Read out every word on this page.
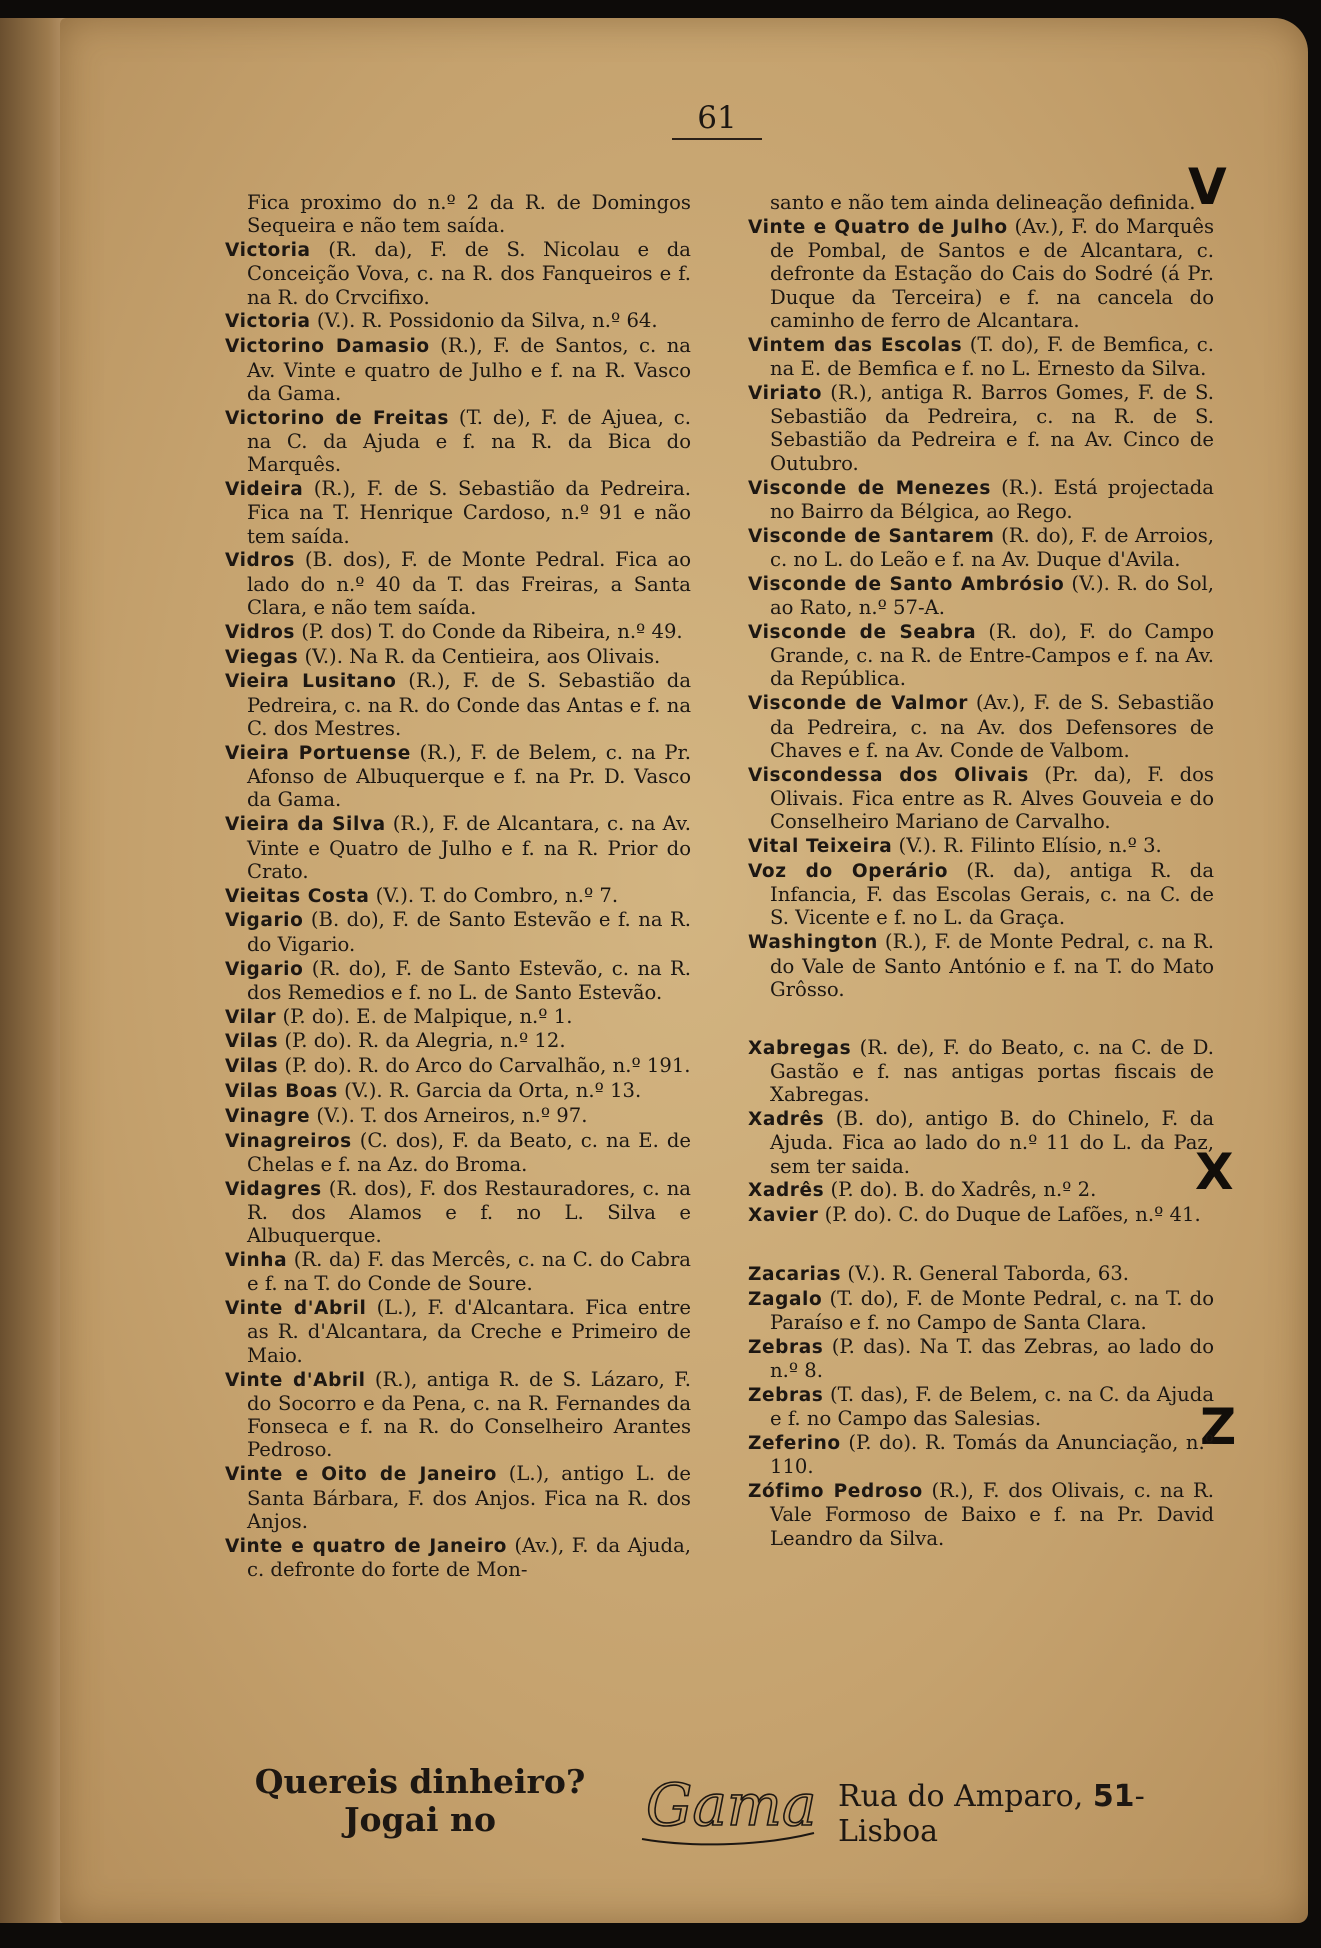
61
V
X
Z
Fica proximo do n.º 2 da R. de Domingos Sequeira e não tem saída.
Victoria (R. da), F. de S. Nicolau e da Conceição Vova, c. na R. dos Fanqueiros e f. na R. do Crvcifixo.
Victoria (V.). R. Possidonio da Silva, n.º 64.
Victorino Damasio (R.), F. de Santos, c. na Av. Vinte e quatro de Julho e f. na R. Vasco da Gama.
Victorino de Freitas (T. de), F. de Ajuea, c. na C. da Ajuda e f. na R. da Bica do Marquês.
Videira (R.), F. de S. Sebastião da Pedreira. Fica na T. Henrique Cardoso, n.º 91 e não tem saída.
Vidros (B. dos), F. de Monte Pedral. Fica ao lado do n.º 40 da T. das Freiras, a Santa Clara, e não tem saída.
Vidros (P. dos) T. do Conde da Ribeira, n.º 49.
Viegas (V.). Na R. da Centieira, aos Olivais.
Vieira Lusitano (R.), F. de S. Sebastião da Pedreira, c. na R. do Conde das Antas e f. na C. dos Mestres.
Vieira Portuense (R.), F. de Belem, c. na Pr. Afonso de Albuquerque e f. na Pr. D. Vasco da Gama.
Vieira da Silva (R.), F. de Alcantara, c. na Av. Vinte e Quatro de Julho e f. na R. Prior do Crato.
Vieitas Costa (V.). T. do Combro, n.º 7.
Vigario (B. do), F. de Santo Estevão e f. na R. do Vigario.
Vigario (R. do), F. de Santo Estevão, c. na R. dos Remedios e f. no L. de Santo Estevão.
Vilar (P. do). E. de Malpique, n.º 1.
Vilas (P. do). R. da Alegria, n.º 12.
Vilas (P. do). R. do Arco do Carvalhão, n.º 191.
Vilas Boas (V.). R. Garcia da Orta, n.º 13.
Vinagre (V.). T. dos Arneiros, n.º 97.
Vinagreiros (C. dos), F. da Beato, c. na E. de Chelas e f. na Az. do Broma.
Vidagres (R. dos), F. dos Restauradores, c. na R. dos Alamos e f. no L. Silva e Albuquerque.
Vinha (R. da) F. das Mercês, c. na C. do Cabra e f. na T. do Conde de Soure.
Vinte d'Abril (L.), F. d'Alcantara. Fica entre as R. d'Alcantara, da Creche e Primeiro de Maio.
Vinte d'Abril (R.), antiga R. de S. Lázaro, F. do Socorro e da Pena, c. na R. Fernandes da Fonseca e f. na R. do Conselheiro Arantes Pedroso.
Vinte e Oito de Janeiro (L.), antigo L. de Santa Bárbara, F. dos Anjos. Fica na R. dos Anjos.
Vinte e quatro de Janeiro (Av.), F. da Ajuda, c. defronte do forte de Mon-
santo e não tem ainda delineação definida.
Vinte e Quatro de Julho (Av.), F. do Marquês de Pombal, de Santos e de Alcantara, c. defronte da Estação do Cais do Sodré (á Pr. Duque da Terceira) e f. na cancela do caminho de ferro de Alcantara.
Vintem das Escolas (T. do), F. de Bemfica, c. na E. de Bemfica e f. no L. Ernesto da Silva.
Viriato (R.), antiga R. Barros Gomes, F. de S. Sebastião da Pedreira, c. na R. de S. Sebastião da Pedreira e f. na Av. Cinco de Outubro.
Visconde de Menezes (R.). Está projectada no Bairro da Bélgica, ao Rego.
Visconde de Santarem (R. do), F. de Arroios, c. no L. do Leão e f. na Av. Duque d'Avila.
Visconde de Santo Ambrósio (V.). R. do Sol, ao Rato, n.º 57-A.
Visconde de Seabra (R. do), F. do Campo Grande, c. na R. de Entre-Campos e f. na Av. da República.
Visconde de Valmor (Av.), F. de S. Sebastião da Pedreira, c. na Av. dos Defensores de Chaves e f. na Av. Conde de Valbom.
Viscondessa dos Olivais (Pr. da), F. dos Olivais. Fica entre as R. Alves Gouveia e do Conselheiro Mariano de Carvalho.
Vital Teixeira (V.). R. Filinto Elísio, n.º 3.
Voz do Operário (R. da), antiga R. da Infancia, F. das Escolas Gerais, c. na C. de S. Vicente e f. no L. da Graça.
Washington (R.), F. de Monte Pedral, c. na R. do Vale de Santo António e f. na T. do Mato Grôsso.
Xabregas (R. de), F. do Beato, c. na C. de D. Gastão e f. nas antigas portas fiscais de Xabregas.
Xadrês (B. do), antigo B. do Chinelo, F. da Ajuda. Fica ao lado do n.º 11 do L. da Paz, sem ter saida.
Xadrês (P. do). B. do Xadrês, n.º 2.
Xavier (P. do). C. do Duque de Lafões, n.º 41.
Zacarias (V.). R. General Taborda, 63.
Zagalo (T. do), F. de Monte Pedral, c. na T. do Paraíso e f. no Campo de Santa Clara.
Zebras (P. das). Na T. das Zebras, ao lado do n.º 8.
Zebras (T. das), F. de Belem, c. na C. da Ajuda e f. no Campo das Salesias.
Zeferino (P. do). R. Tomás da Anunciação, n.º 110.
Zófimo Pedroso (R.), F. dos Olivais, c. na R. Vale Formoso de Baixo e f. na Pr. David Leandro da Silva.
Quereis dinheiro?
Jogai no	Gama Rua do Amparo, 51-Lisboa
